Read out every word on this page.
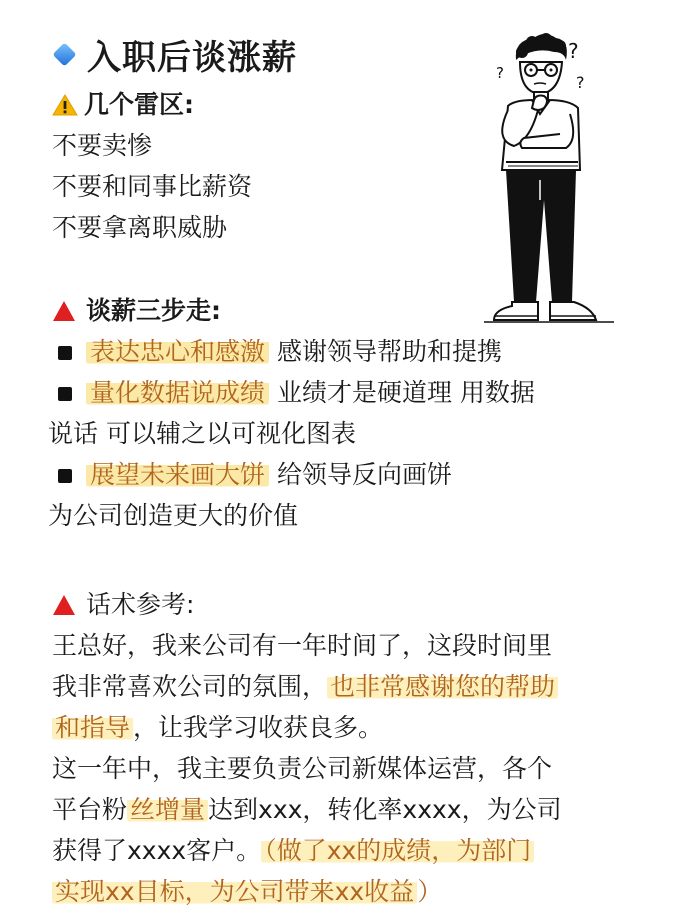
入职后谈涨薪	?
?
?
几个雷区:
不要卖惨
不要和同事比薪资
不要拿离职威胁
谈薪三步走:
表达忠心和感激 感谢领导帮助和提携
量化数据说成绩 业绩才是硬道理 用数据
说话 可以辅之以可视化图表
展望未来画大饼 给领导反向画饼
为公司创造更大的价值
话术参考:
王总好，我来公司有一年时间了，这段时间里
我非常喜欢公司的氛围， 也非常感谢您的帮助
和指导 ，让我学习收获良多。
这一年中，我主要负责公司新媒体运营，各个
平台粉 丝增量 达到xxx，转化率xxxx，为公司
获得了xxxx客户。 （做了xx的成绩，为部门
实现xx目标，为公司带来xx收益 ）
